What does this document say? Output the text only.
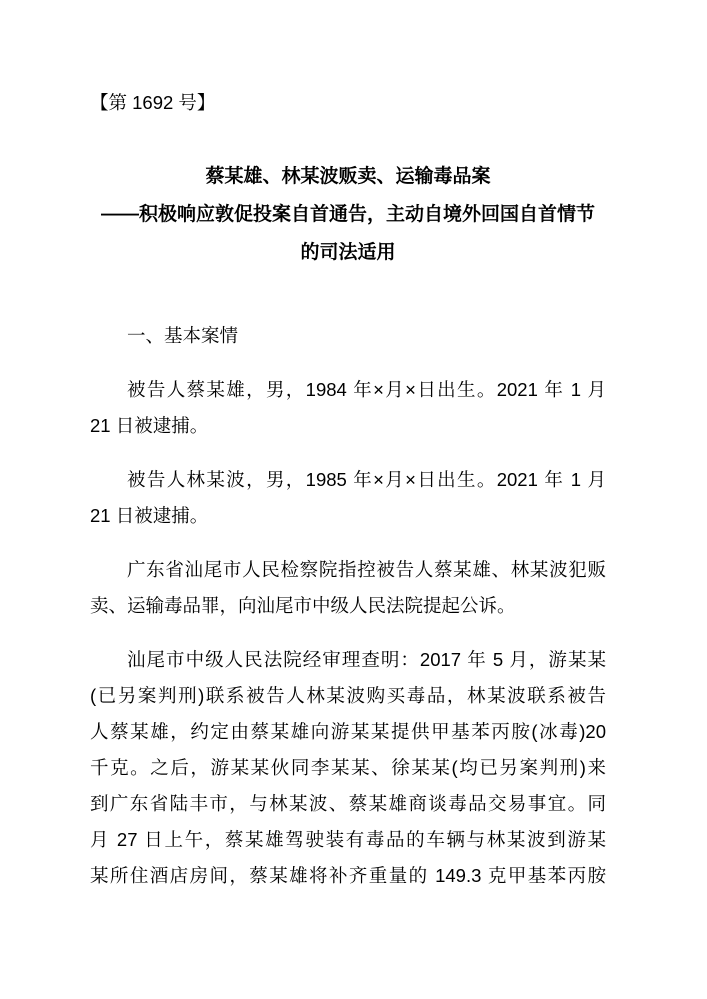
【第 1692 号】
蔡某雄、林某波贩卖、运输毒品案
——积极响应敦促投案自首通告，主动自境外回国自首情节
的司法适用
一、基本案情
被告人蔡某雄，男，1984 年×月×日出生。2021 年 1 月
21 日被逮捕。
被告人林某波，男，1985 年×月×日出生。2021 年 1 月
21 日被逮捕。
广东省汕尾市人民检察院指控被告人蔡某雄、林某波犯贩
卖、运输毒品罪，向汕尾市中级人民法院提起公诉。
汕尾市中级人民法院经审理查明：2017 年 5 月，游某某
(已另案判刑)联系被告人林某波购买毒品，林某波联系被告
人蔡某雄，约定由蔡某雄向游某某提供甲基苯丙胺(冰毒)20
千克。之后，游某某伙同李某某、徐某某(均已另案判刑)来
到广东省陆丰市，与林某波、蔡某雄商谈毒品交易事宜。同
月 27 日上午，蔡某雄驾驶装有毒品的车辆与林某波到游某
某所住酒店房间，蔡某雄将补齐重量的 149.3 克甲基苯丙胺
